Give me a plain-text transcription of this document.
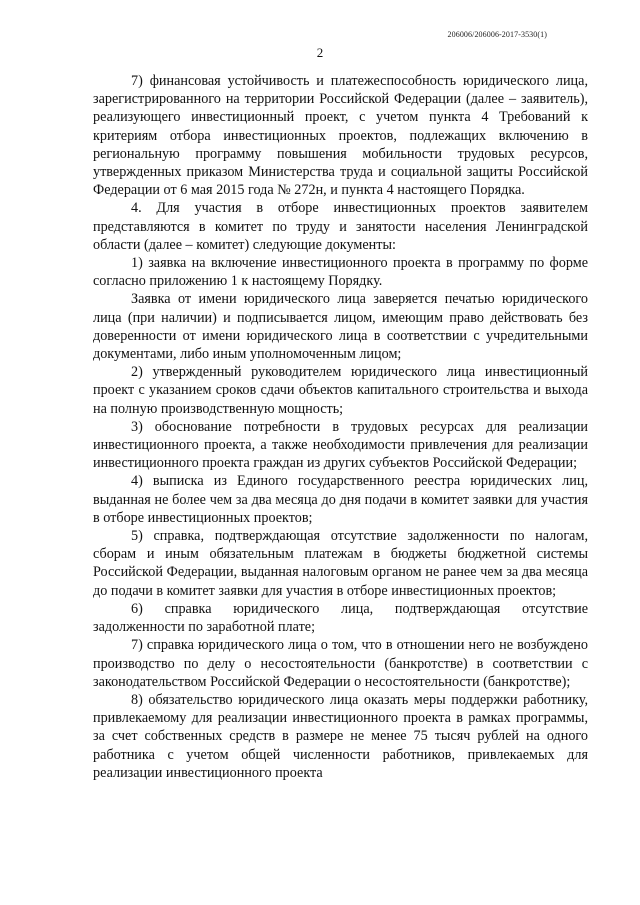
206006/206006-2017-3530(1)
2

7) финансовая устойчивость и платежеспособность юридического лица, зарегистрированного на территории Российской Федерации (далее – заявитель), реализующего инвестиционный проект, с учетом пункта 4 Требований к критериям отбора инвестиционных проектов, подлежащих включению в региональную программу повышения мобильности трудовых ресурсов, утвержденных приказом Министерства труда и социальной защиты Российской Федерации от 6 мая 2015 года № 272н, и пункта 4 настоящего Порядка.

4. Для участия в отборе инвестиционных проектов заявителем представляются в комитет по труду и занятости населения Ленинградской области (далее – комитет) следующие документы:

1) заявка на включение инвестиционного проекта в программу по форме согласно приложению 1 к настоящему Порядку.

Заявка от имени юридического лица заверяется печатью юридического лица (при наличии) и подписывается лицом, имеющим право действовать без доверенности от имени юридического лица в соответствии с учредительными документами, либо иным уполномоченным лицом;

2) утвержденный руководителем юридического лица инвестиционный проект с указанием сроков сдачи объектов капитального строительства и выхода на полную производственную мощность;

3) обоснование потребности в трудовых ресурсах для реализации инвестиционного проекта, а также необходимости привлечения для реализации инвестиционного проекта граждан из других субъектов Российской Федерации;

4) выписка из Единого государственного реестра юридических лиц, выданная не более чем за два месяца до дня подачи в комитет заявки для участия в отборе инвестиционных проектов;

5) справка, подтверждающая отсутствие задолженности по налогам, сборам и иным обязательным платежам в бюджеты бюджетной системы Российской Федерации, выданная налоговым органом не ранее чем за два месяца до подачи в комитет заявки для участия в отборе инвестиционных проектов;

6) справка юридического лица, подтверждающая отсутствие задолженности по заработной плате;

7) справка юридического лица о том, что в отношении него не возбуждено производство по делу о несостоятельности (банкротстве) в соответствии с законодательством Российской Федерации о несостоятельности (банкротстве);

8) обязательство юридического лица оказать меры поддержки работнику, привлекаемому для реализации инвестиционного проекта в рамках программы, за счет собственных средств в размере не менее 75 тысяч рублей на одного работника с учетом общей численности работников, привлекаемых для реализации инвестиционного проекта
